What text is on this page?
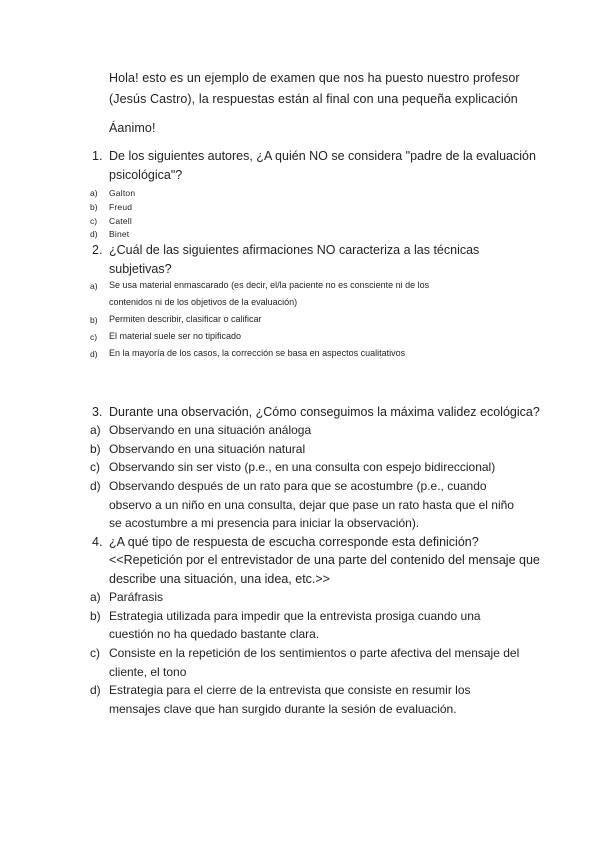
Hola! esto es un ejemplo de examen que nos ha puesto nuestro profesor
(Jesús Castro), la respuestas están al final con una pequeña explicación
Áanimo!
1. De los siguientes autores, ¿A quién NO se considera "padre de la evaluación
psicológica"?
a) Galton
b) Freud
c) Catell
d) Binet
2. ¿Cuál de las siguientes afirmaciones NO caracteriza a las técnicas
subjetivas?
a) Se usa material enmascarado (es decir, el/la paciente no es consciente ni de los
contenidos ni de los objetivos de la evaluación)
b) Permiten describir, clasificar o calificar
c) El material suele ser no tipificado
d) En la mayoría de los casos, la corrección se basa en aspectos cualitativos
3. Durante una observación, ¿Cómo conseguimos la máxima validez ecológica?
a) Observando en una situación análoga
b) Observando en una situación natural
c) Observando sin ser visto (p.e., en una consulta con espejo bidireccional)
d) Observando después de un rato para que se acostumbre (p.e., cuando
observo a un niño en una consulta, dejar que pase un rato hasta que el niño
se acostumbre a mi presencia para iniciar la observación).
4. ¿A qué tipo de respuesta de escucha corresponde esta definición?
<<Repetición por el entrevistador de una parte del contenido del mensaje que
describe una situación, una idea, etc.>>
a) Paráfrasis
b) Estrategia utilizada para impedir que la entrevista prosiga cuando una
cuestión no ha quedado bastante clara.
c) Consiste en la repetición de los sentimientos o parte afectiva del mensaje del
cliente, el tono
d) Estrategia para el cierre de la entrevista que consiste en resumir los
mensajes clave que han surgido durante la sesión de evaluación.
